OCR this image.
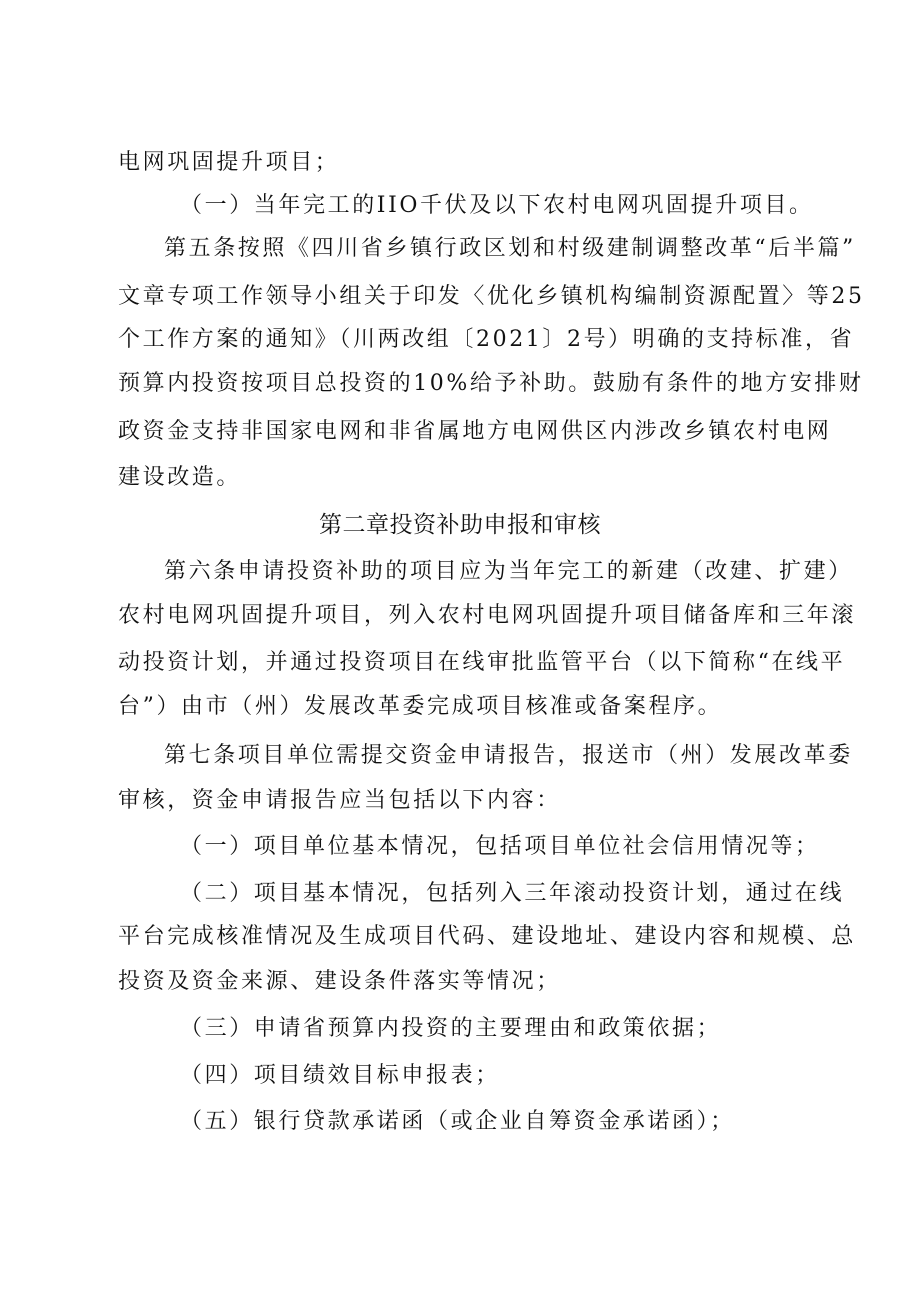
电网巩固提升项目；
（一）当年完工的IIO千伏及以下农村电网巩固提升项目。
第五条按照《四川省乡镇行政区划和村级建制调整改革“后半篇”
文章专项工作领导小组关于印发〈优化乡镇机构编制资源配置〉等25
个工作方案的通知》（川两改组〔2021〕2号）明确的支持标准，省
预算内投资按项目总投资的10%给予补助。鼓励有条件的地方安排财
政资金支持非国家电网和非省属地方电网供区内涉改乡镇农村电网
建设改造。
第二章投资补助申报和审核
第六条申请投资补助的项目应为当年完工的新建（改建、扩建）
农村电网巩固提升项目，列入农村电网巩固提升项目储备库和三年滚
动投资计划，并通过投资项目在线审批监管平台（以下简称“在线平
台”）由市（州）发展改革委完成项目核准或备案程序。
第七条项目单位需提交资金申请报告，报送市（州）发展改革委
审核，资金申请报告应当包括以下内容：
（一）项目单位基本情况，包括项目单位社会信用情况等；
（二）项目基本情况，包括列入三年滚动投资计划，通过在线
平台完成核准情况及生成项目代码、建设地址、建设内容和规模、总
投资及资金来源、建设条件落实等情况；
（三）申请省预算内投资的主要理由和政策依据；
（四）项目绩效目标申报表；
（五）银行贷款承诺函（或企业自筹资金承诺函）；
